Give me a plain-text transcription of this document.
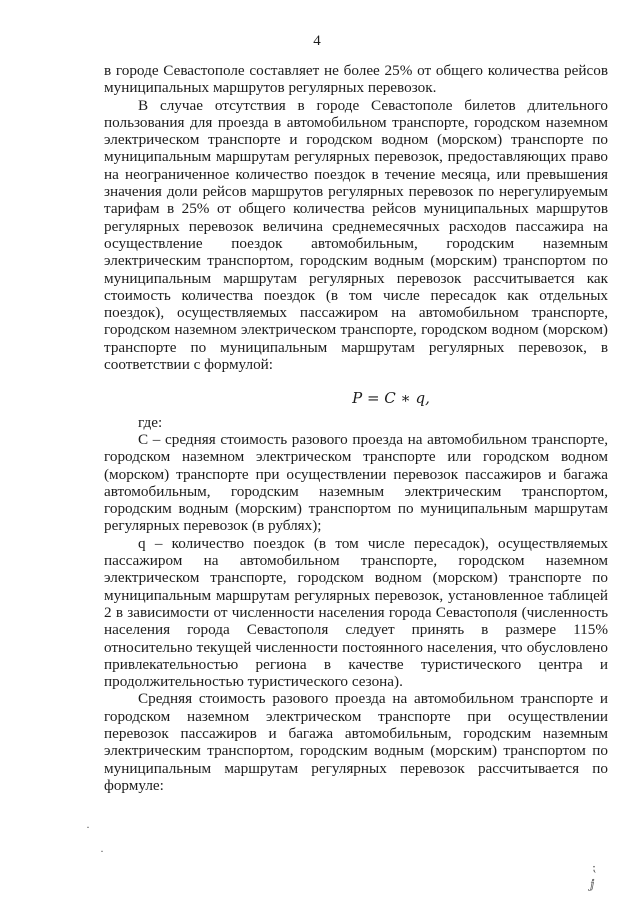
4

в городе Севастополе составляет не более 25% от общего количества рейсов муниципальных маршрутов регулярных перевозок.

В случае отсутствия в городе Севастополе билетов длительного пользования для проезда в автомобильном транспорте, городском наземном электрическом транспорте и городском водном (морском) транспорте по муниципальным маршрутам регулярных перевозок, предоставляющих право на неограниченное количество поездок в течение месяца, или превышения значения доли рейсов маршрутов регулярных перевозок по нерегулируемым тарифам в 25% от общего количества рейсов муниципальных маршрутов регулярных перевозок величина среднемесячных расходов пассажира на осуществление поездок автомобильным, городским наземным электрическим транспортом, городским водным (морским) транспортом по муниципальным маршрутам регулярных перевозок рассчитывается как стоимость количества поездок (в том числе пересадок как отдельных поездок), осуществляемых пассажиром на автомобильном транспорте, городском наземном электрическом транспорте, городском водном (морском) транспорте по муниципальным маршрутам регулярных перевозок, в соответствии с формулой:

P = C ∗ q,

где:

C – средняя стоимость разового проезда на автомобильном транспорте, городском наземном электрическом транспорте или городском водном (морском) транспорте при осуществлении перевозок пассажиров и багажа автомобильным, городским наземным электрическим транспортом, городским водным (морским) транспортом по муниципальным маршрутам регулярных перевозок (в рублях);

q – количество поездок (в том числе пересадок), осуществляемых пассажиром на автомобильном транспорте, городском наземном электрическом транспорте, городском водном (морском) транспорте по муниципальным маршрутам регулярных перевозок, установленное таблицей 2 в зависимости от численности населения города Севастополя (численность населения города Севастополя следует принять в размере 115% относительно текущей численности постоянного населения, что обусловлено привлекательностью региона в качестве туристического центра и продолжительностью туристического сезона).

Средняя стоимость разового проезда на автомобильном транспорте и городском наземном электрическом транспорте при осуществлении перевозок пассажиров и багажа автомобильным, городским наземным электрическим транспортом, городским водным (морским) транспортом по муниципальным маршрутам регулярных перевозок рассчитывается по формуле:

·
·
⁏
ⅉ
